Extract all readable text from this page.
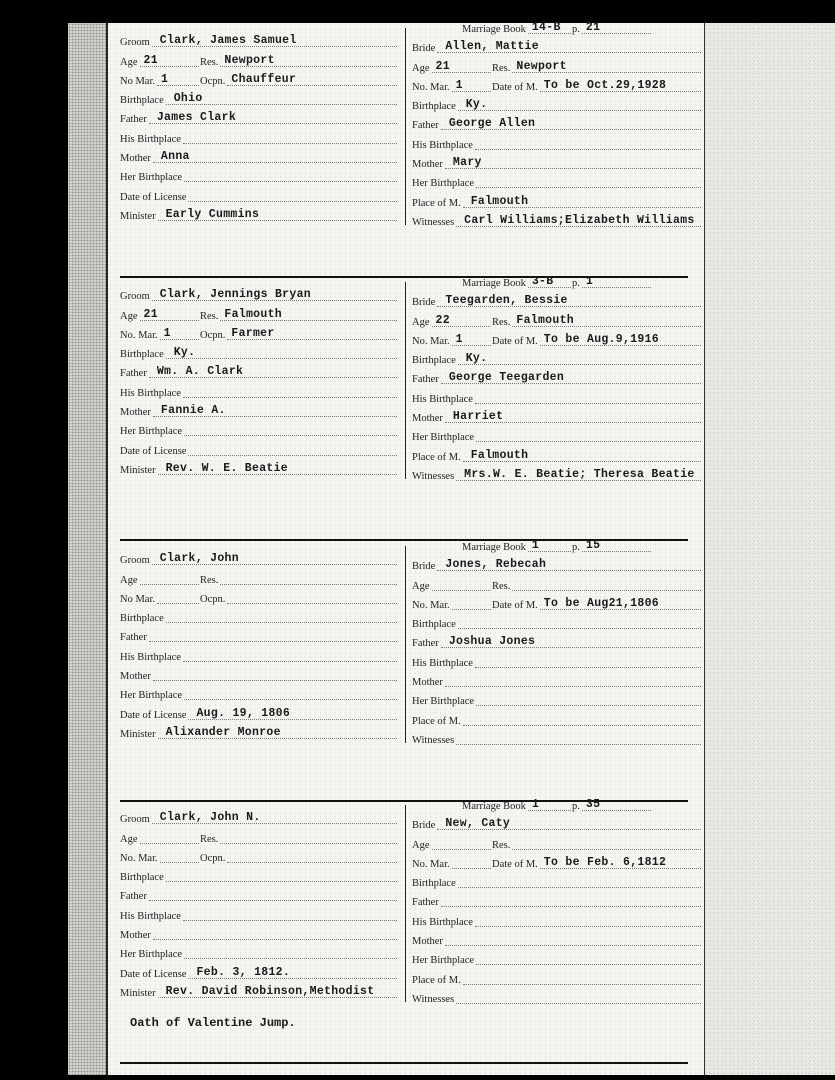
Groom Clark, James Samuel
Age 21	Res. Newport
No Mar. 1	Ocpn. Chauffeur
Birthplace Ohio
Father James Clark
His Birthplace
Mother Anna
Her Birthplace
Date of License
Minister Early Cummins
Marriage Book 14-B p. 21
Bride Allen, Mattie
Age 21	Res. Newport
No. Mar. 1	Date of M. To be Oct.29,1928
Birthplace Ky.
Father George Allen
His Birthplace
Mother Mary
Her Birthplace
Place of M. Falmouth
Witnesses Carl Williams;Elizabeth Williams
Groom Clark, Jennings Bryan
Age 21	Res. Falmouth
No. Mar. 1	Ocpn. Farmer
Birthplace Ky.
Father Wm. A. Clark
His Birthplace
Mother Fannie A.
Her Birthplace
Date of License
Minister Rev. W. E. Beatie
Marriage Book 3-B p. 1
Bride Teegarden, Bessie
Age 22	Res. Falmouth
No. Mar. 1	Date of M. To be Aug.9,1916
Birthplace Ky.
Father George Teegarden
His Birthplace
Mother Harriet
Her Birthplace
Place of M. Falmouth
Witnesses Mrs.W. E. Beatie; Theresa Beatie
Groom Clark, John
Age	Res.
No Mar.	Ocpn.
Birthplace
Father
His Birthplace
Mother
Her Birthplace
Date of License Aug. 19, 1806
Minister Alixander Monroe
Marriage Book 1	p. 15
Bride Jones, Rebecah
Age	Res.
No. Mar.	Date of M. To be Aug21,1806
Birthplace
Father Joshua Jones
His Birthplace
Mother
Her Birthplace
Place of M.
Witnesses
Groom Clark, John N.
Age	Res.
No. Mar.	Ocpn.
Birthplace
Father
His Birthplace
Mother
Her Birthplace
Date of License Feb. 3, 1812.
Minister Rev. David Robinson,Methodist
Marriage Book 1	p. 35
Bride New, Caty
Age	Res.
No. Mar.	Date of M. To be Feb. 6,1812
Birthplace
Father
His Birthplace
Mother
Her Birthplace
Place of M.
Witnesses
Oath of Valentine Jump.
